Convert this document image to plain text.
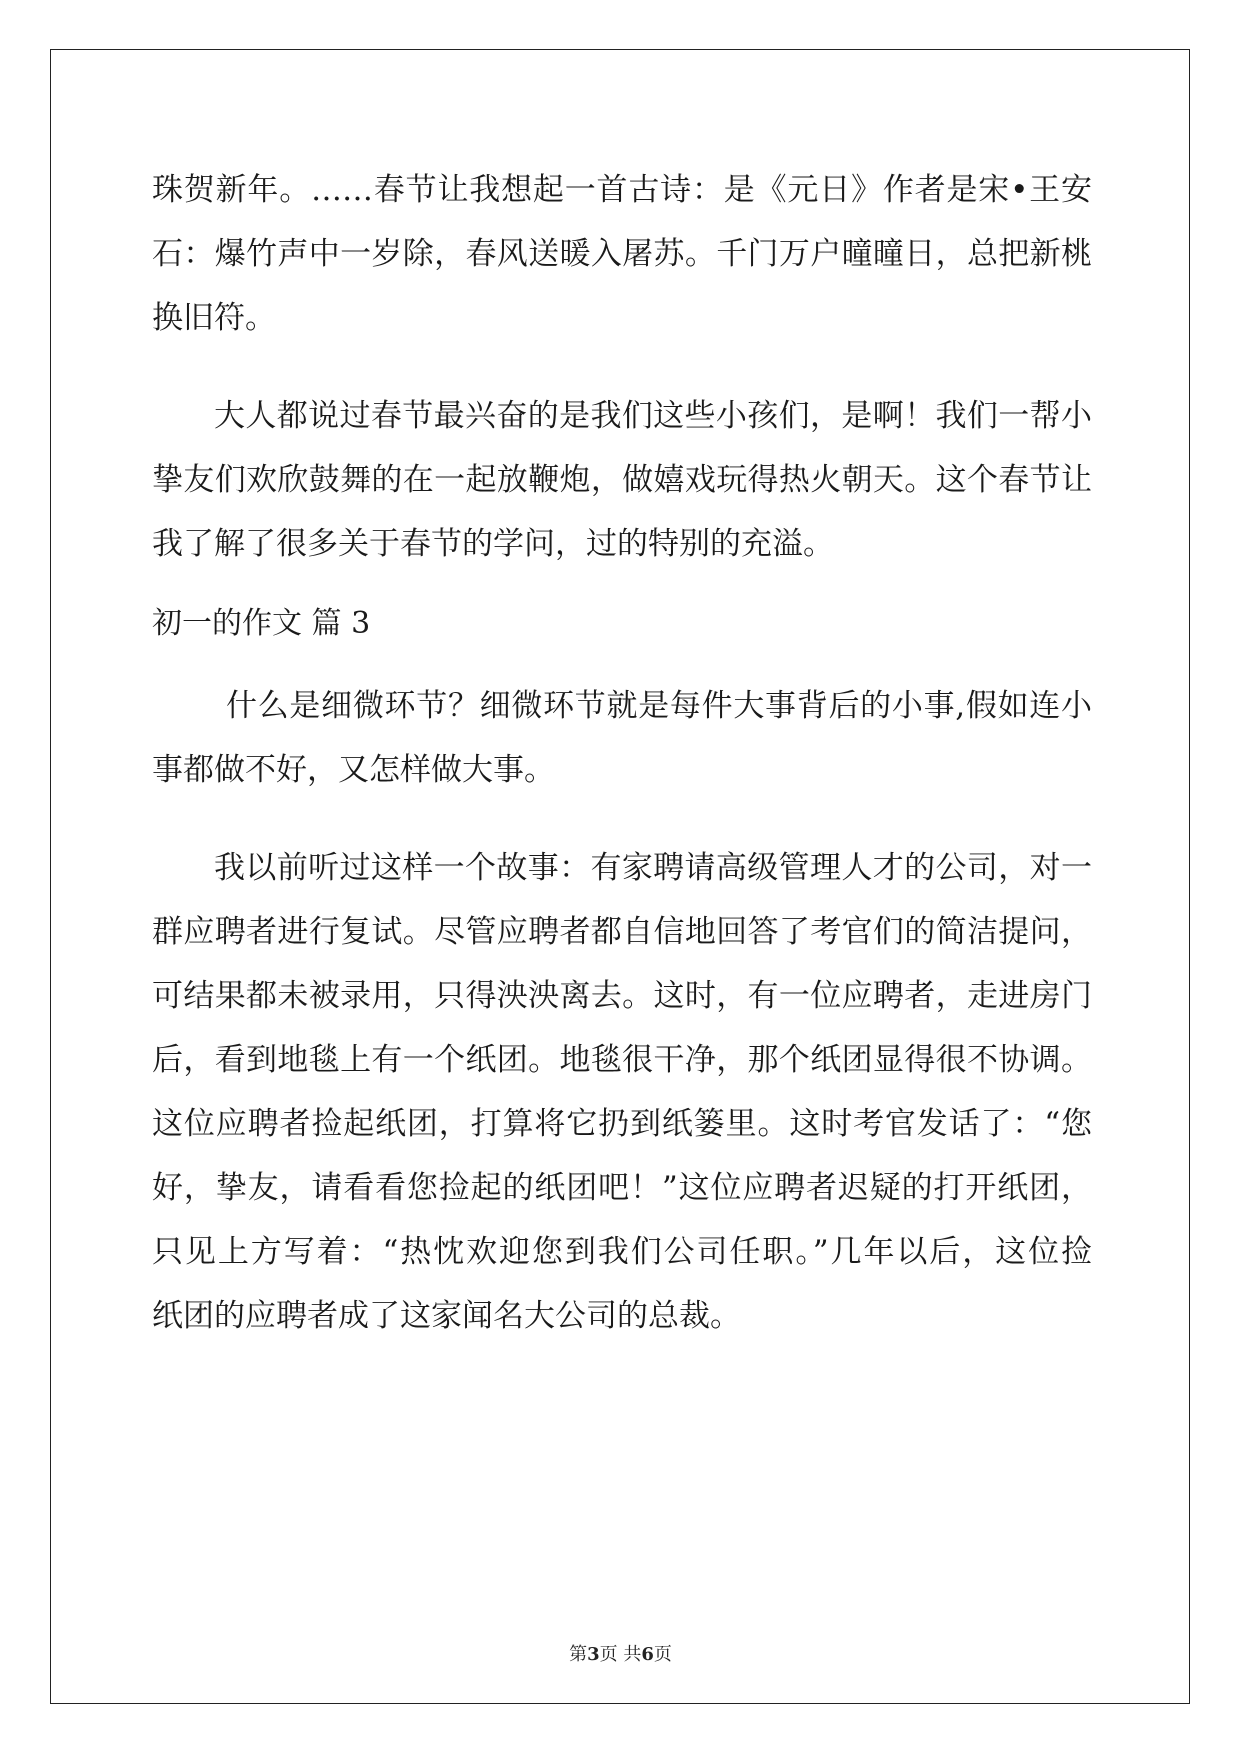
珠贺新年。……春节让我想起一首古诗：是《元日》作者是宋•王安
石：爆竹声中一岁除，春风送暖入屠苏。千门万户曈曈日，总把新桃
换旧符。
大人都说过春节最兴奋的是我们这些小孩们，是啊！我们一帮小
挚友们欢欣鼓舞的在一起放鞭炮，做嬉戏玩得热火朝天。这个春节让
我了解了很多关于春节的学问，过的特别的充溢。
初一的作文 篇 3
什么是细微环节？细微环节就是每件大事背后的小事,假如连小
事都做不好，又怎样做大事。
我以前听过这样一个故事：有家聘请高级管理人才的公司，对一
群应聘者进行复试。尽管应聘者都自信地回答了考官们的简洁提问，
可结果都未被录用，只得泱泱离去。这时，有一位应聘者，走进房门
后，看到地毯上有一个纸团。地毯很干净，那个纸团显得很不协调。
这位应聘者捡起纸团，打算将它扔到纸篓里。这时考官发话了：“您
好，挚友，请看看您捡起的纸团吧！”这位应聘者迟疑的打开纸团，
只见上方写着：“热忱欢迎您到我们公司任职。”几年以后，这位捡
纸团的应聘者成了这家闻名大公司的总裁。
第3页 共6页
